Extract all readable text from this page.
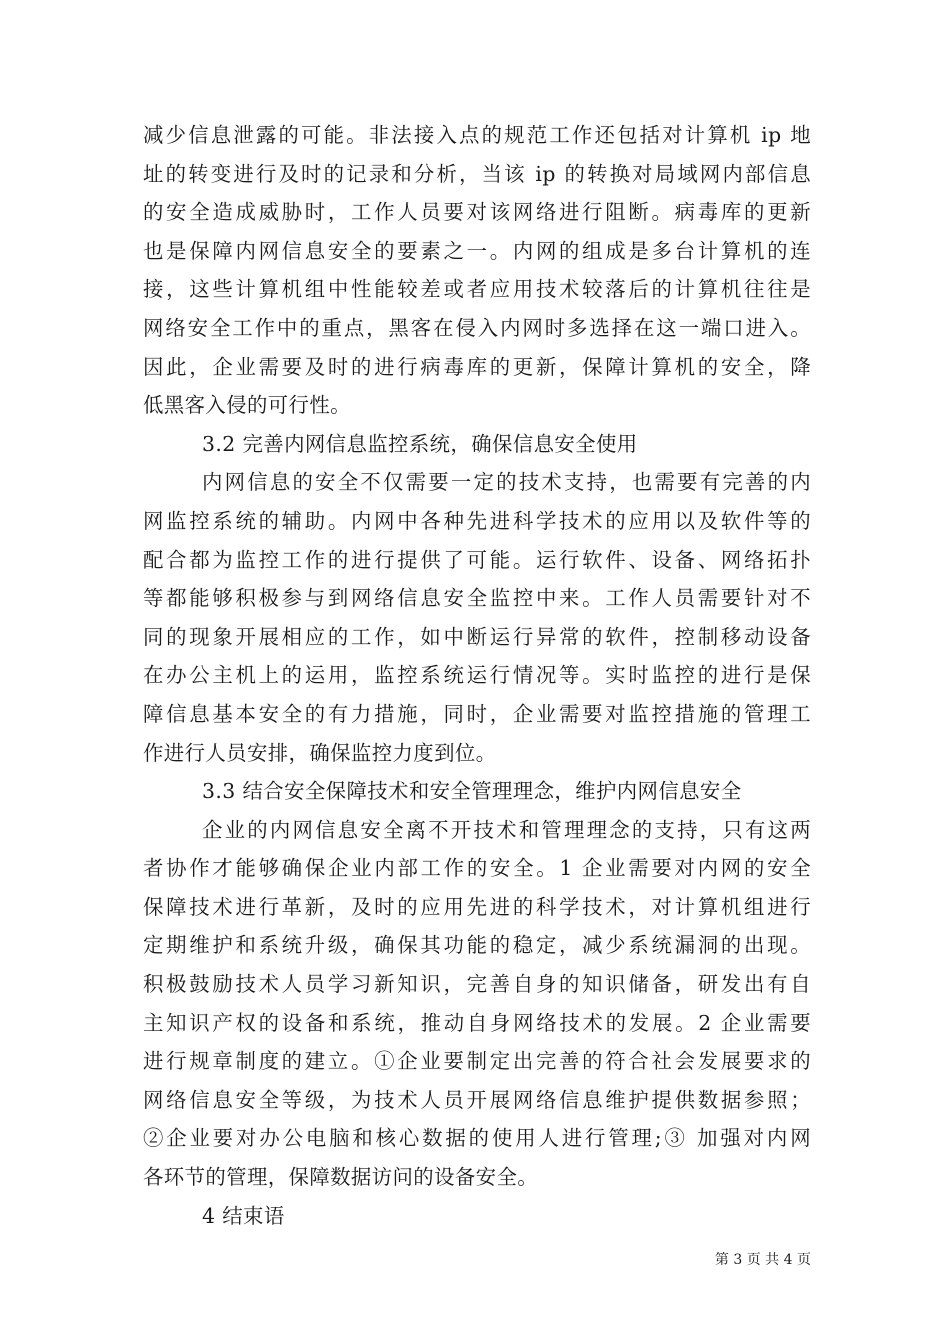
减少信息泄露的可能。非法接入点的规范工作还包括对计算机 ip 地
址的转变进行及时的记录和分析，当该 ip 的转换对局域网内部信息
的安全造成威胁时，工作人员要对该网络进行阻断。病毒库的更新
也是保障内网信息安全的要素之一。内网的组成是多台计算机的连
接，这些计算机组中性能较差或者应用技术较落后的计算机往往是
网络安全工作中的重点，黑客在侵入内网时多选择在这一端口进入。
因此，企业需要及时的进行病毒库的更新，保障计算机的安全，降
低黑客入侵的可行性。
3.2 完善内网信息监控系统，确保信息安全使用
内网信息的安全不仅需要一定的技术支持，也需要有完善的内
网监控系统的辅助。内网中各种先进科学技术的应用以及软件等的
配合都为监控工作的进行提供了可能。运行软件、设备、网络拓扑
等都能够积极参与到网络信息安全监控中来。工作人员需要针对不
同的现象开展相应的工作，如中断运行异常的软件，控制移动设备
在办公主机上的运用，监控系统运行情况等。实时监控的进行是保
障信息基本安全的有力措施，同时，企业需要对监控措施的管理工
作进行人员安排，确保监控力度到位。
3.3 结合安全保障技术和安全管理理念，维护内网信息安全
企业的内网信息安全离不开技术和管理理念的支持，只有这两
者协作才能够确保企业内部工作的安全。1 企业需要对内网的安全
保障技术进行革新，及时的应用先进的科学技术，对计算机组进行
定期维护和系统升级，确保其功能的稳定，减少系统漏洞的出现。
积极鼓励技术人员学习新知识，完善自身的知识储备，研发出有自
主知识产权的设备和系统，推动自身网络技术的发展。2 企业需要
进行规章制度的建立。①企业要制定出完善的符合社会发展要求的
网络信息安全等级，为技术人员开展网络信息维护提供数据参照；
②企业要对办公电脑和核心数据的使用人进行管理;③ 加强对内网
各环节的管理，保障数据访问的设备安全。
4 结束语
第 3 页 共 4 页
